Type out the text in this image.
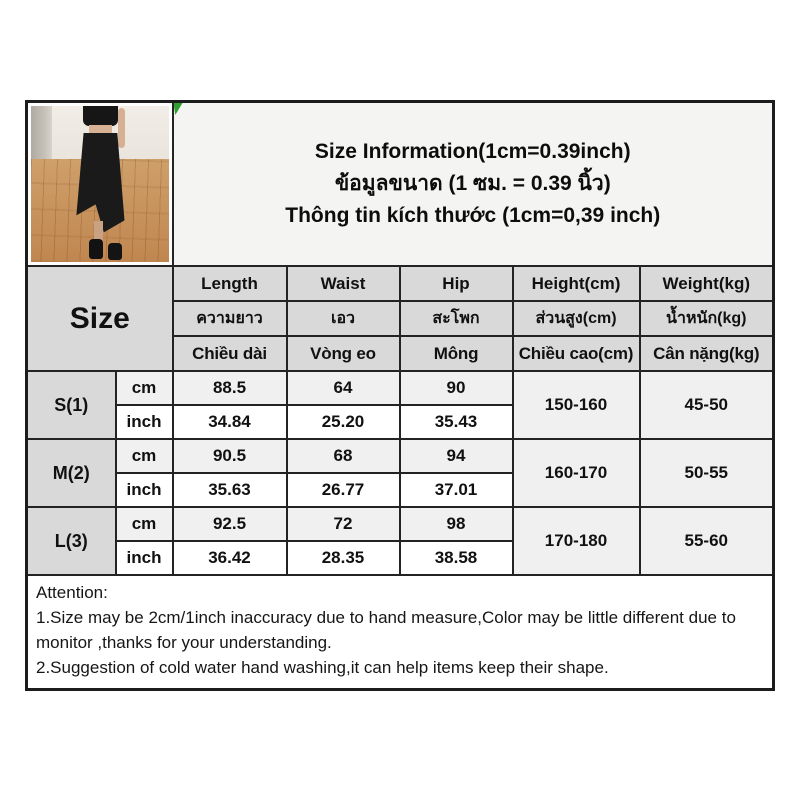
		Size Information(1cm=0.39inch)
ข้อมูลขนาด (1 ซม. = 0.39 นิ้ว)
Thông tin kích thước (1cm=0,39 inch)				

Size		Length	Waist	Hip	Height(cm)	Weight(kg)
		ความยาว	เอว	สะโพก	ส่วนสูง(cm)	น้ำหนัก(kg)
		Chiều dài	Vòng eo	Mông	Chiều cao(cm)	Cân nặng(kg)
S(1)	cm	88.5	64	90	150-160	45-50
	inch	34.84	25.20	35.43		
M(2)	cm	90.5	68	94	160-170	50-55
	inch	35.63	26.77	37.01		
L(3)	cm	92.5	72	98	170-180	55-60
	inch	36.42	28.35	38.58		

Attention:
1.Size may be 2cm/1inch inaccuracy due to hand measure,Color may be little different due to monitor ,thanks for your understanding.
2.Suggestion of cold water hand washing,it can help items keep their shape.						
